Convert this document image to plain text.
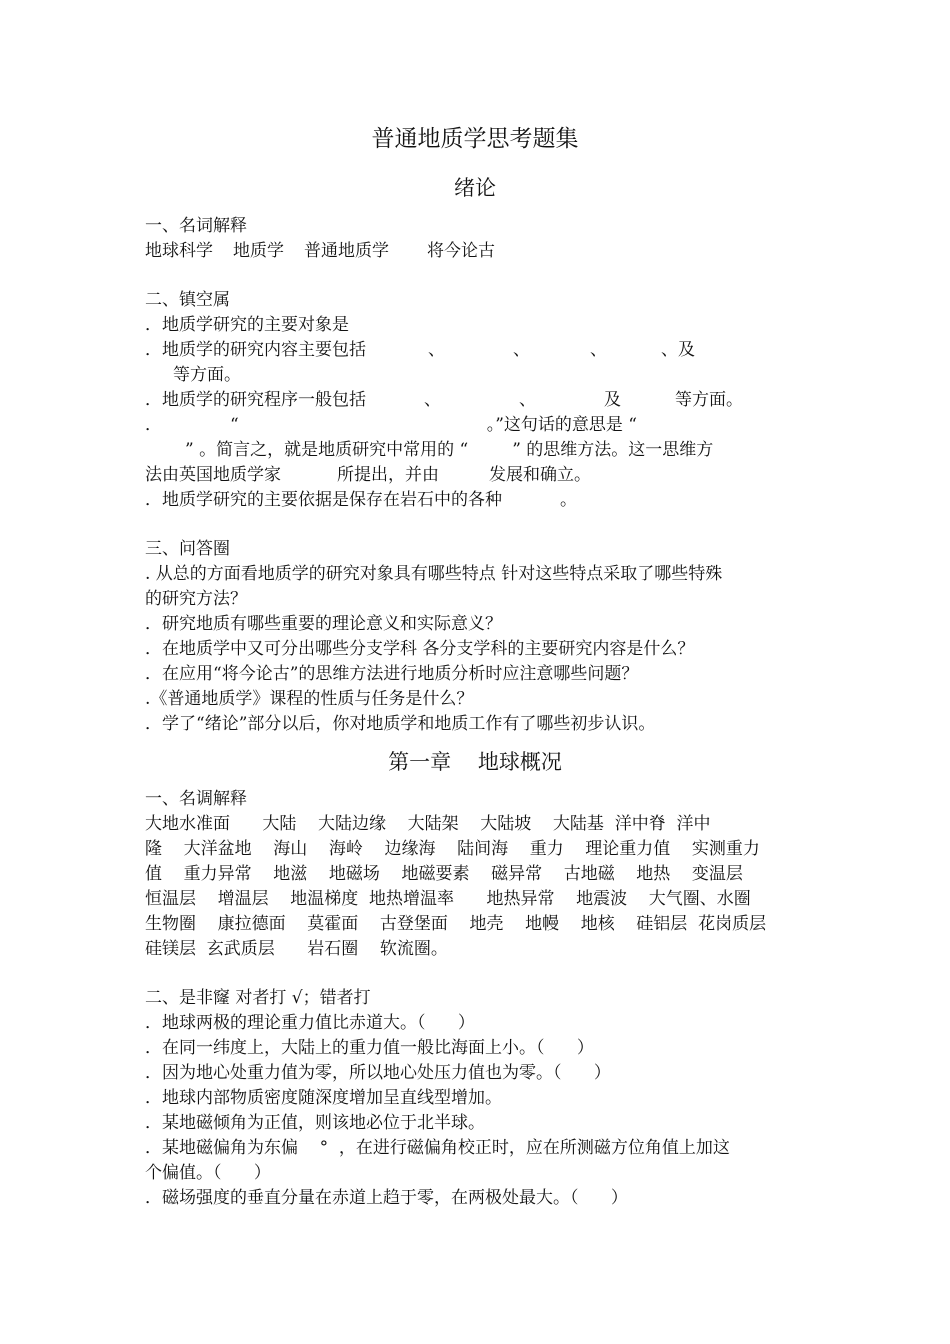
普通地质学思考题集
绪论
一、名词解释
地球科学 地质学 普通地质学 将今论古
二、镇空属
．地质学研究的主要对象是
．地质学的研究内容主要包括	、	、	、	、及
等方面。
．地质学的研究程序一般包括	、	、	及	等方面。
．	“	。”这句话的意思是 “
” 。简言之，就是地质研究中常用的 “	” 的思维方法。这一思维方
法由英国地质学家	所提出，并由	发展和确立。
．地质学研究的主要依据是保存在岩石中的各种	。
三、问答圈
. 从总的方面看地质学的研究对象具有哪些特点 针对这些特点采取了哪些特殊
的研究方法？
．研究地质有哪些重要的理论意义和实际意义？
．在地质学中又可分出哪些分支学科 各分支学科的主要研究内容是什么？
．在应用“将今论古”的思维方法进行地质分析时应注意哪些问题？
.《普通地质学》课程的性质与任务是什么？
．学了“绪论”部分以后，你对地质学和地质工作有了哪些初步认识。
第一章    地球概况
一、名调解释
大地水准面      大陆    大陆边缘    大陆架    大陆坡    大陆基  洋中脊  洋中
隆    大洋盆地    海山    海岭    边缘海    陆间海    重力    理论重力值    实测重力
值    重力异常    地滋    地磁场    地磁要素    磁异常    古地磁    地热    变温层
恒温层    增温层    地温梯度  地热增温率      地热异常    地震波    大气圈、水圈
生物圈    康拉德面    莫霍面    古登堡面    地壳    地幔    地核    硅铝层  花岗质层
硅镁层  玄武质层      岩石圈    软流圈。
二、是非窿 对者打 √；错者打
．地球两极的理论重力值比赤道大。（      ）
．在同一纬度上，大陆上的重力值一般比海面上小。（      ）
．因为地心处重力值为零，所以地心处压力值也为零。（      ）
．地球内部物质密度随深度增加呈直线型增加。
．某地磁倾角为正值，则该地必位于北半球。
．某地磁偏角为东偏    °  ，在进行磁偏角校正时，应在所测磁方位角值上加这
个偏值。（      ）
．磁场强度的垂直分量在赤道上趋于零，在两极处最大。（      ）
